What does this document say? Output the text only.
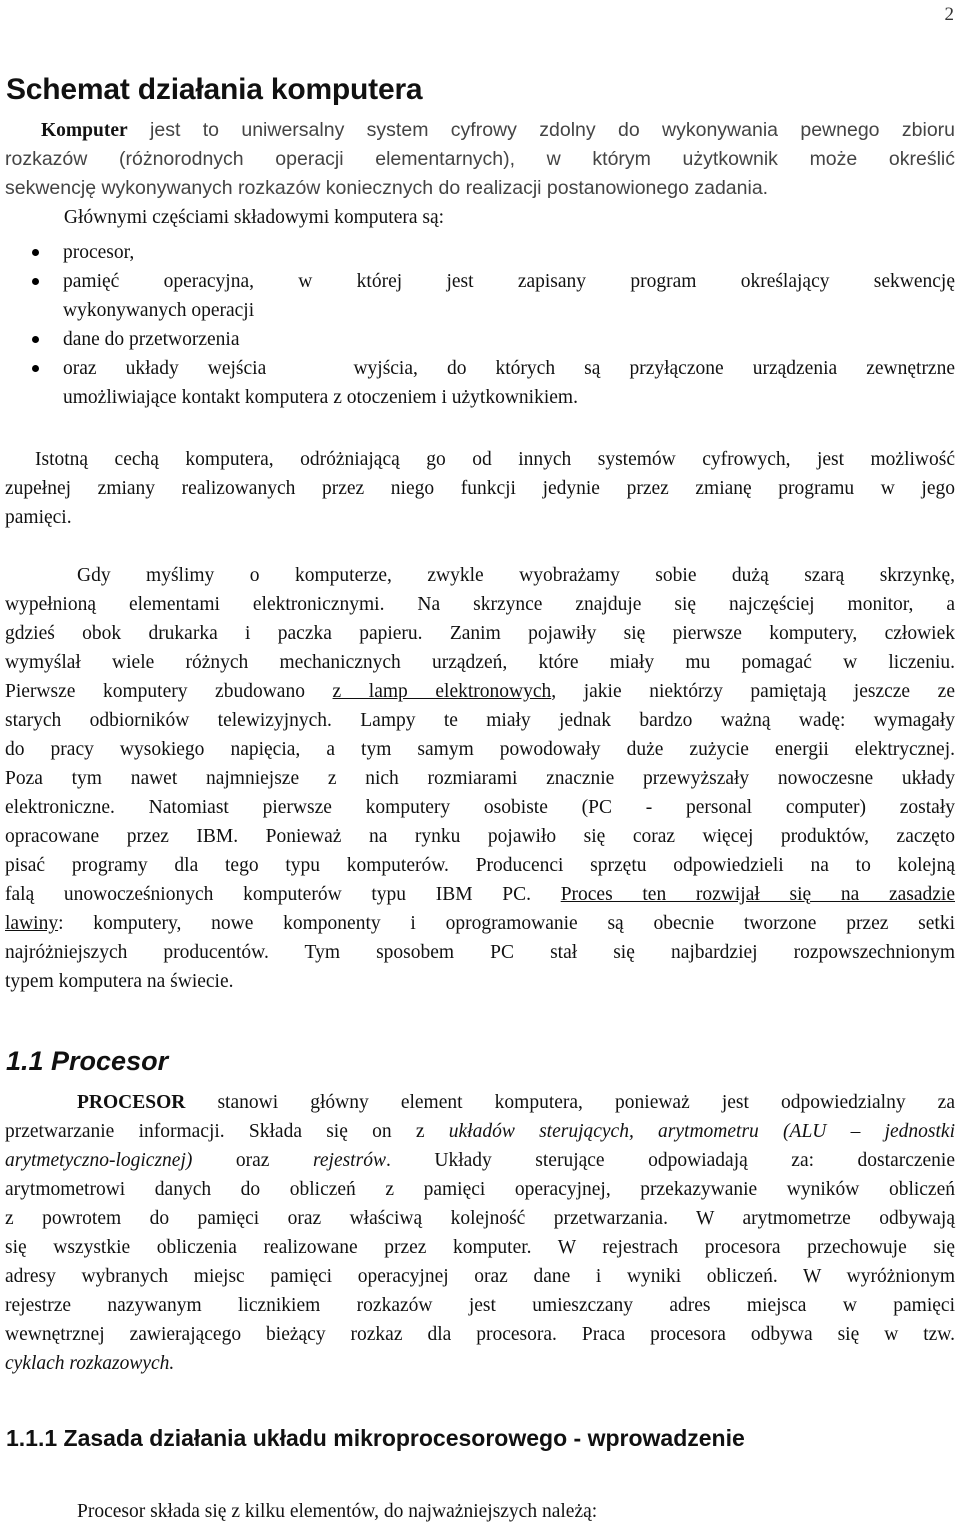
2
Schemat działania komputera
Komputer jest to uniwersalny system cyfrowy zdolny do wykonywania pewnego zbioru
rozkazów (różnorodnych operacji elementarnych), w którym użytkownik może określić
sekwencję wykonywanych rozkazów koniecznych do realizacji postanowionego zadania.
Głównymi częściami składowymi komputera są:
procesor,
pamięć operacyjna, w której jest zapisany program określający sekwencję
wykonywanych operacji
dane do przetworzenia
oraz układy wejścia   wyjścia, do których są przyłączone urządzenia zewnętrzne
umożliwiające kontakt komputera z otoczeniem i użytkownikiem.
Istotną cechą komputera, odróżniającą go od innych systemów cyfrowych, jest możliwość
zupełnej zmiany realizowanych przez niego funkcji jedynie przez zmianę programu w jego
pamięci.
Gdy myślimy o komputerze, zwykle wyobrażamy sobie dużą szarą skrzynkę,
wypełnioną elementami elektronicznymi. Na skrzynce znajduje się najczęściej monitor, a
gdzieś obok drukarka i paczka papieru. Zanim pojawiły się pierwsze komputery, człowiek
wymyślał wiele różnych mechanicznych urządzeń, które miały mu pomagać w liczeniu.
Pierwsze komputery zbudowano z lamp elektronowych, jakie niektórzy pamiętają jeszcze ze
starych odbiorników telewizyjnych. Lampy te miały jednak bardzo ważną wadę: wymagały
do pracy wysokiego napięcia, a tym samym powodowały duże zużycie energii elektrycznej.
Poza tym nawet najmniejsze z nich rozmiarami znacznie przewyższały nowoczesne układy
elektroniczne. Natomiast pierwsze komputery osobiste (PC - personal computer) zostały
opracowane przez IBM. Ponieważ na rynku pojawiło się coraz więcej produktów, zaczęto
pisać programy dla tego typu komputerów. Producenci sprzętu odpowiedzieli na to kolejną
falą unowocześnionych komputerów typu IBM PC. Proces ten rozwijał się na zasadzie
lawiny: komputery, nowe komponenty i oprogramowanie są obecnie tworzone przez setki
najróżniejszych producentów. Tym sposobem PC stał się najbardziej rozpowszechnionym
typem komputera na świecie.
1.1 Procesor
PROCESOR stanowi główny element komputera, ponieważ jest odpowiedzialny za
przetwarzanie informacji. Składa się on z układów sterujących, arytmometru (ALU – jednostki
arytmetyczno-logicznej) oraz rejestrów. Układy sterujące odpowiadają za: dostarczenie
arytmometrowi danych do obliczeń z pamięci operacyjnej, przekazywanie wyników obliczeń
z powrotem do pamięci oraz właściwą kolejność przetwarzania. W arytmometrze odbywają
się wszystkie obliczenia realizowane przez komputer. W rejestrach procesora przechowuje się
adresy wybranych miejsc pamięci operacyjnej oraz dane i wyniki obliczeń. W wyróżnionym
rejestrze nazywanym licznikiem rozkazów jest umieszczany adres miejsca w pamięci
wewnętrznej zawierającego bieżący rozkaz dla procesora. Praca procesora odbywa się w tzw.
cyklach rozkazowych.
1.1.1 Zasada działania układu mikroprocesorowego - wprowadzenie
Procesor składa się z kilku elementów, do najważniejszych należą:
